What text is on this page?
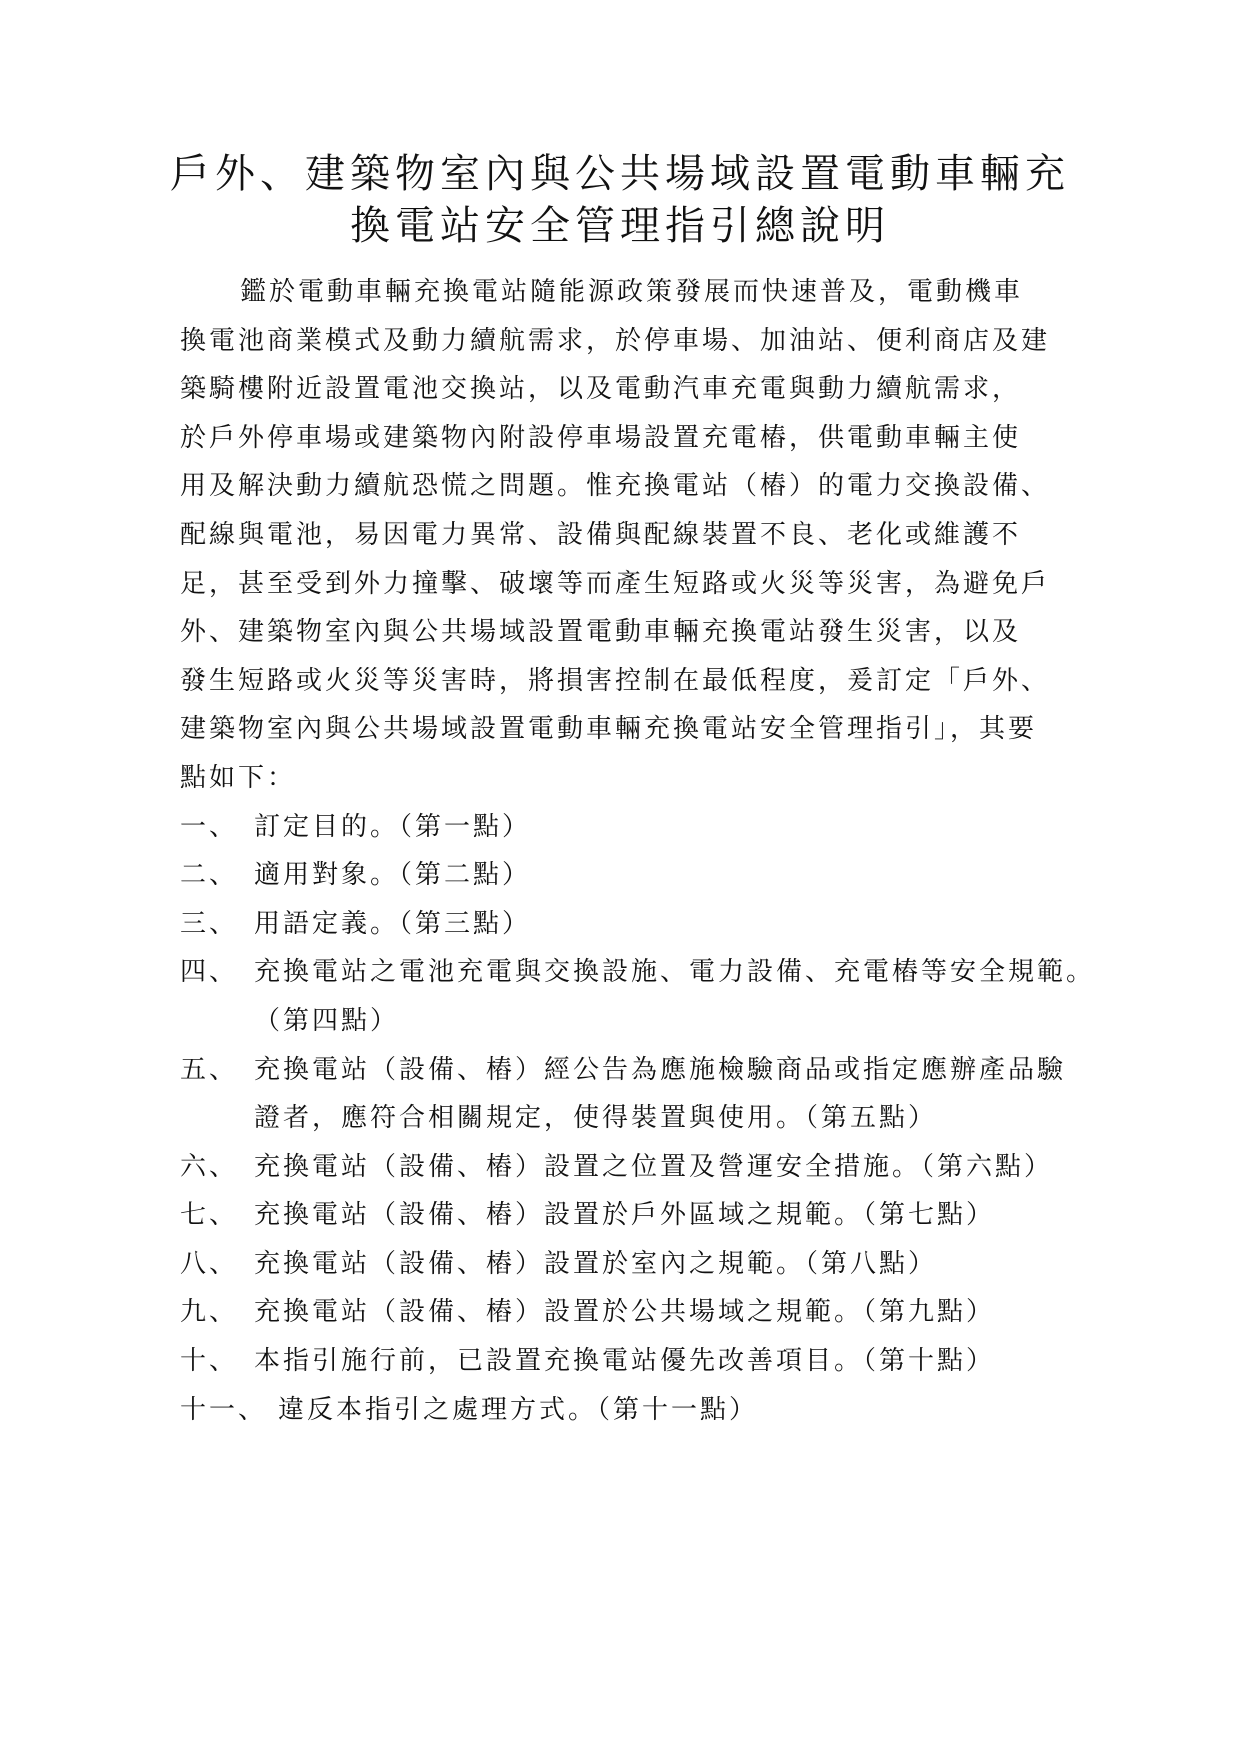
戶外、建築物室內與公共場域設置電動車輛充
換電站安全管理指引總說明
鑑於電動車輛充換電站隨能源政策發展而快速普及，電動機車
換電池商業模式及動力續航需求，於停車場、加油站、便利商店及建
築騎樓附近設置電池交換站，以及電動汽車充電與動力續航需求，
於戶外停車場或建築物內附設停車場設置充電樁，供電動車輛主使
用及解決動力續航恐慌之問題。惟充換電站（樁）的電力交換設備、
配線與電池，易因電力異常、設備與配線裝置不良、老化或維護不
足，甚至受到外力撞擊、破壞等而產生短路或火災等災害，為避免戶
外、建築物室內與公共場域設置電動車輛充換電站發生災害，以及
發生短路或火災等災害時，將損害控制在最低程度，爰訂定「戶外、
建築物室內與公共場域設置電動車輛充換電站安全管理指引」，其要
點如下：
一、 訂定目的。（第一點）
二、 適用對象。（第二點）
三、 用語定義。（第三點）
四、 充換電站之電池充電與交換設施、電力設備、充電樁等安全規範。
（第四點）
五、 充換電站（設備、樁）經公告為應施檢驗商品或指定應辦產品驗
證者，應符合相關規定，使得裝置與使用。（第五點）
六、 充換電站（設備、樁）設置之位置及營運安全措施。（第六點）
七、 充換電站（設備、樁）設置於戶外區域之規範。（第七點）
八、 充換電站（設備、樁）設置於室內之規範。（第八點）
九、 充換電站（設備、樁）設置於公共場域之規範。（第九點）
十、 本指引施行前，已設置充換電站優先改善項目。（第十點）
十一、 違反本指引之處理方式。（第十一點）
